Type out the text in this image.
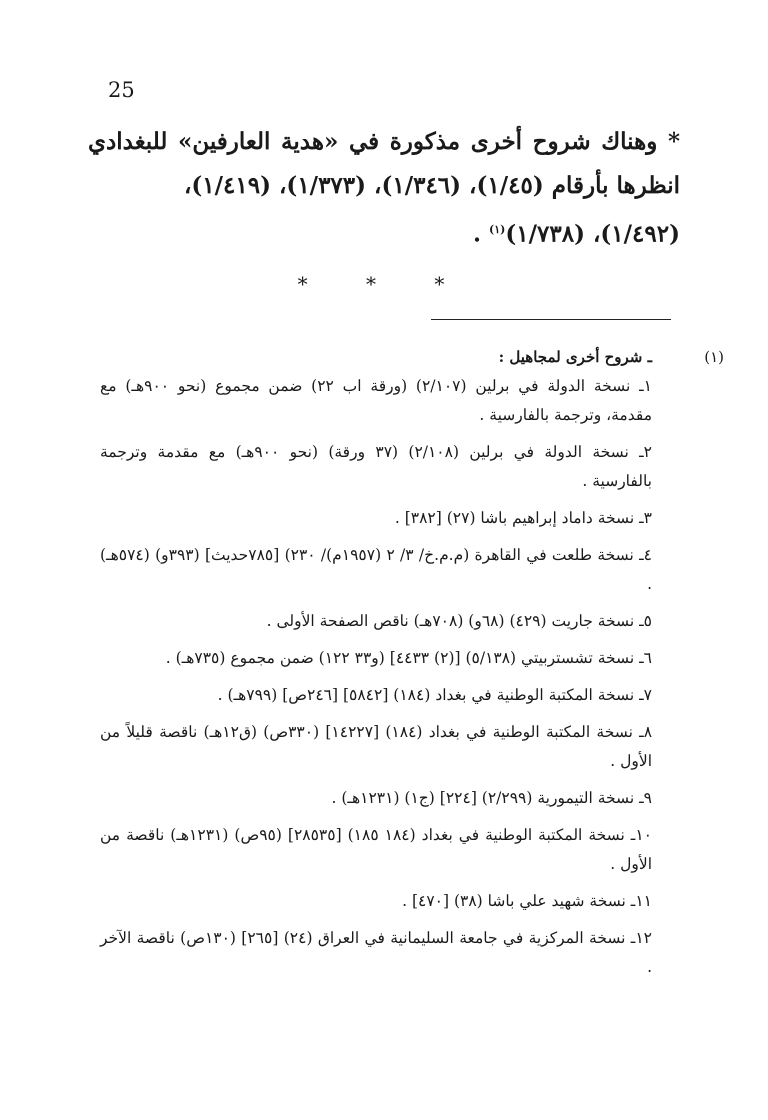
25

* وهناك شروح أخرى مذكورة في «هدية العارفين» للبغدادي انظرها بأرقام (١/٤٥)، (١/٣٤٦)، (١/٣٧٣)، (١/٤١٩)،

(١/٤٩٢)، (١/٧٣٨)$^{(١)}$ .

* * *
(١)
ـ شروح أخرى لمجاهيل :
١ـ نسخة الدولة في برلين (٢/١٠٧) (ورقة اب ٢٢) ضمن مجموع (نحو ٩٠٠هـ) مع مقدمة، وترجمة بالفارسية .
٢ـ نسخة الدولة في برلين (٢/١٠٨) (٣٧ ورقة) (نحو ٩٠٠هـ) مع مقدمة وترجمة بالفارسية .
٣ـ نسخة داماد إبراهيم باشا (٢٧) [٣٨٢] .
٤ـ نسخة طلعت في القاهرة (م.م.خ/ ٣/ ٢ (١٩٥٧م)/ ٢٣٠) [٧٨٥حديث] (٣٩٣و) (٥٧٤هـ) .
٥ـ نسخة جاريت (٤٢٩) (٦٨و) (٧٠٨هـ) ناقص الصفحة الأولى .
٦ـ نسخة تشستربيتي (٥/١٣٨) [(٢) ٤٤٣٣] (و٣٣ ١٢٢) ضمن مجموع (٧٣٥هـ) .
٧ـ نسخة المكتبة الوطنية في بغداد (١٨٤) [٥٨٤٢] [٢٤٦ص] (٧٩٩هـ) .
٨ـ نسخة المكتبة الوطنية في بغداد (١٨٤) [١٤٢٢٧] (٣٣٠ص) (ق١٢هـ) ناقصة قليلاً من الأول .
٩ـ نسخة التيمورية (٢/٢٩٩) [٢٢٤] (ج١) (١٢٣١هـ) .
١٠ـ نسخة المكتبة الوطنية في بغداد (١٨٤ ١٨٥) [٢٨٥٣٥] (٩٥ص) (١٢٣١هـ) ناقصة من الأول .
١١ـ نسخة شهيد علي باشا (٣٨) [٤٧٠] .
١٢ـ نسخة المركزية في جامعة السليمانية في العراق (٢٤) [٢٦٥] (١٣٠ص) ناقصة الآخر .
